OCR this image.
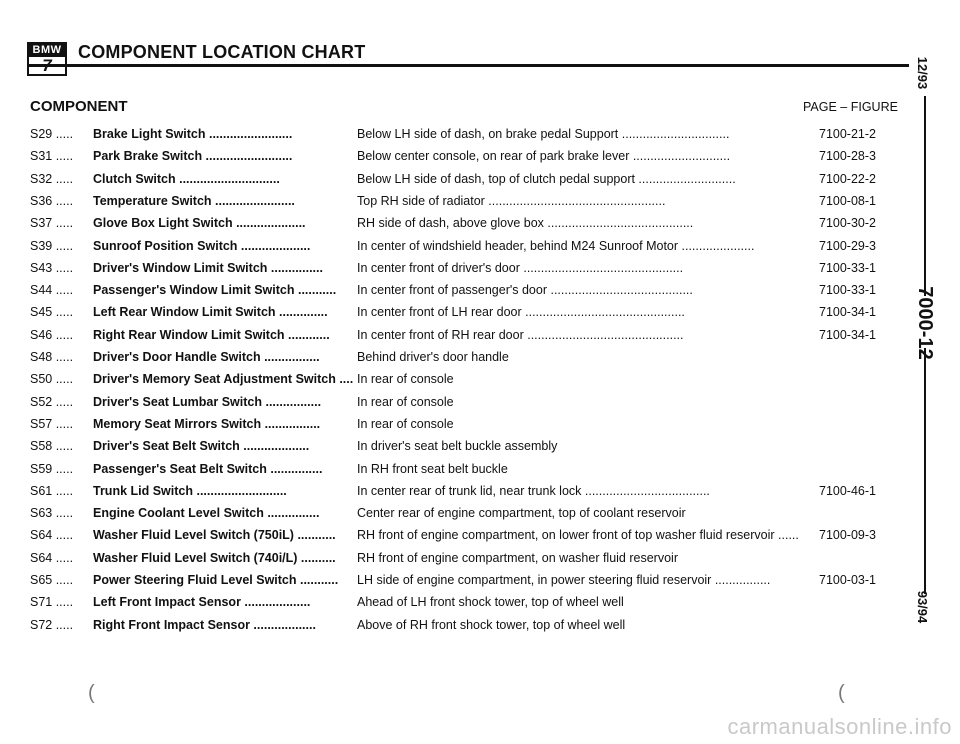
BMW COMPONENT LOCATION CHART
COMPONENT	PAGE – FIGURE
S29 .....	Brake Light Switch ........................	Below LH side of dash, on brake pedal Support ...............................	7100-21-2
S31 .....	Park Brake Switch .........................	Below center console, on rear of park brake lever ............................	7100-28-3
S32 .....	Clutch Switch .............................	Below LH side of dash, top of clutch pedal support ............................	7100-22-2
S36 .....	Temperature Switch .......................	Top RH side of radiator ...................................................	7100-08-1
S37 .....	Glove Box Light Switch ....................	RH side of dash, above glove box ..........................................	7100-30-2
S39 .....	Sunroof Position Switch ....................	In center of windshield header, behind M24 Sunroof Motor .....................	7100-29-3
S43 .....	Driver's Window Limit Switch ...............	In center front of driver's door ..............................................	7100-33-1
S44 .....	Passenger's Window Limit Switch ...........	In center front of passenger's door .........................................	7100-33-1
S45 .....	Left Rear Window Limit Switch ..............	In center front of LH rear door ..............................................	7100-34-1
S46 .....	Right Rear Window Limit Switch ............	In center front of RH rear door .............................................	7100-34-1
S48 .....	Driver's Door Handle Switch ................	Behind driver's door handle
S50 .....	Driver's Memory Seat Adjustment Switch .... In rear of console
S52 .....	Driver's Seat Lumbar Switch ................	In rear of console
S57 .....	Memory Seat Mirrors Switch ................	In rear of console
S58 .....	Driver's Seat Belt Switch ...................	In driver's seat belt buckle assembly
S59 .....	Passenger's Seat Belt Switch ...............	In RH front seat belt buckle
S61 .....	Trunk Lid Switch ..........................	In center rear of trunk lid, near trunk lock ....................................	7100-46-1
S63 .....	Engine Coolant Level Switch ...............	Center rear of engine compartment, top of coolant reservoir
S64 .....	Washer Fluid Level Switch (750iL) ...........	RH front of engine compartment, on lower front of top washer fluid reservoir ......	7100-09-3
S64 .....	Washer Fluid Level Switch (740i/L) ..........	RH front of engine compartment, on washer fluid reservoir
S65 .....	Power Steering Fluid Level Switch ...........	LH side of engine compartment, in power steering fluid reservoir ................	7100-03-1
S71 .....	Left Front Impact Sensor ...................	Ahead of LH front shock tower, top of wheel well
S72 .....	Right Front Impact Sensor ..................	Above of RH front shock tower, top of wheel well
12/93
7000-12
93/94
(	(
carmanualsonline.info
